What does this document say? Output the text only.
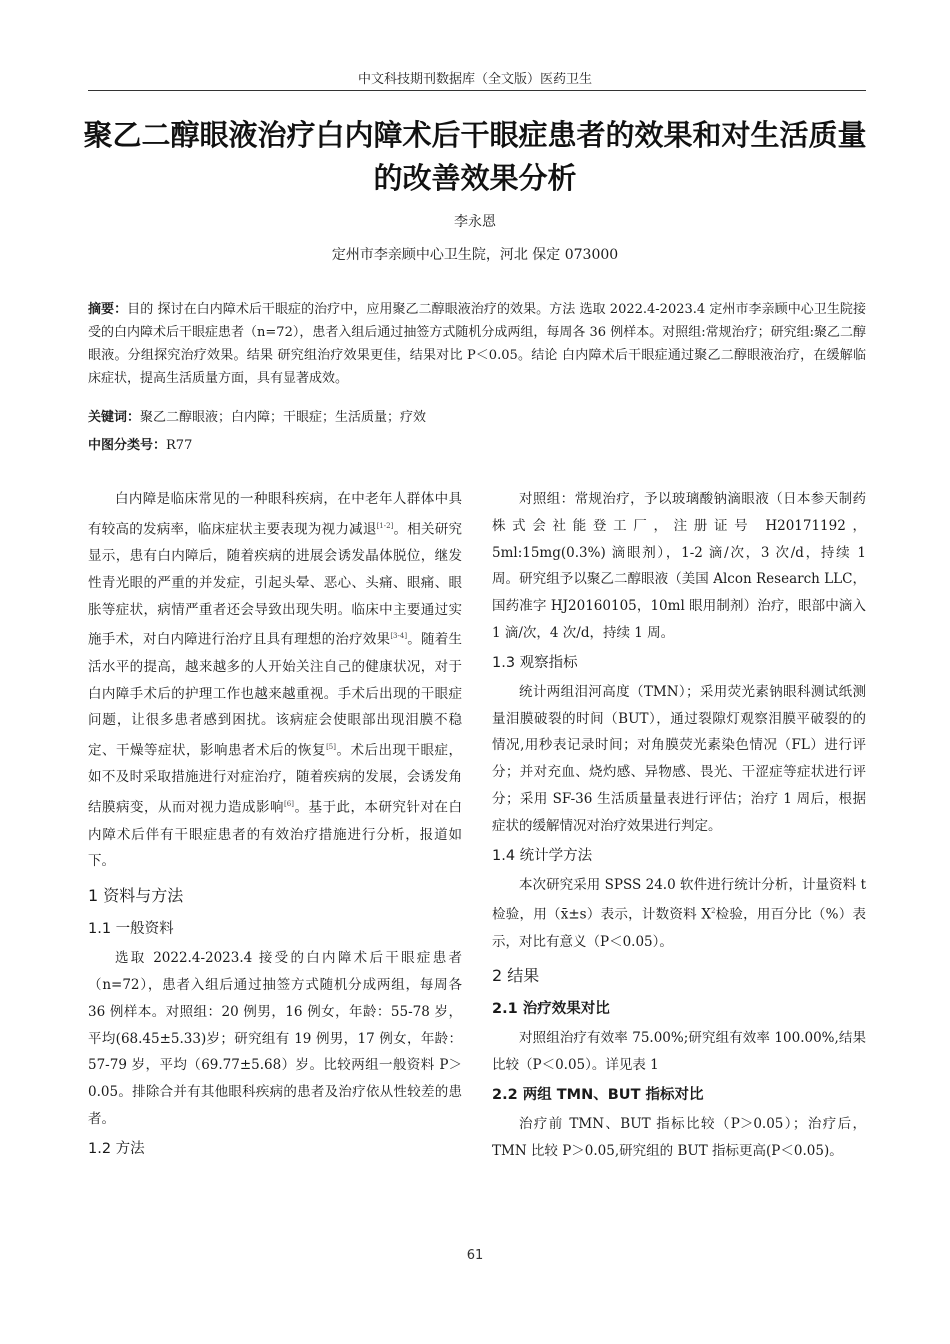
中文科技期刊数据库（全文版）医药卫生
聚乙二醇眼液治疗白内障术后干眼症患者的效果和对生活质量的改善效果分析
李永恩
定州市李亲顾中心卫生院，河北 保定 073000
摘要：目的 探讨在白内障术后干眼症的治疗中，应用聚乙二醇眼液治疗的效果。方法 选取 2022.4-2023.4 定州市李亲顾中心卫生院接受的白内障术后干眼症患者（n=72），患者入组后通过抽签方式随机分成两组，每周各 36 例样本。对照组:常规治疗；研究组:聚乙二醇眼液。分组探究治疗效果。结果 研究组治疗效果更佳，结果对比 P＜0.05。结论 白内障术后干眼症通过聚乙二醇眼液治疗，在缓解临床症状，提高生活质量方面，具有显著成效。
关键词：聚乙二醇眼液；白内障；干眼症；生活质量；疗效
中图分类号：R77

白内障是临床常见的一种眼科疾病，在中老年人群体中具有较高的发病率，临床症状主要表现为视力减退[1-2]。相关研究显示，患有白内障后，随着疾病的进展会诱发晶体脱位，继发性青光眼的严重的并发症，引起头晕、恶心、头痛、眼痛、眼胀等症状，病情严重者还会导致出现失明。临床中主要通过实施手术，对白内障进行治疗且具有理想的治疗效果[3-4]。随着生活水平的提高，越来越多的人开始关注自己的健康状况，对于白内障手术后的护理工作也越来越重视。手术后出现的干眼症问题，让很多患者感到困扰。该病症会使眼部出现泪膜不稳定、干燥等症状，影响患者术后的恢复[5]。术后出现干眼症，如不及时采取措施进行对症治疗，随着疾病的发展，会诱发角结膜病变，从而对视力造成影响[6]。基于此，本研究针对在白内障术后伴有干眼症患者的有效治疗措施进行分析，报道如下。

1 资料与方法
1.1 一般资料

选取 2022.4-2023.4 接受的白内障术后干眼症患者（n=72），患者入组后通过抽签方式随机分成两组，每周各 36 例样本。对照组：20 例男，16 例女，年龄：55-78 岁，平均(68.45±5.33)岁；研究组有 19 例男，17 例女，年龄：57-79 岁，平均（69.77±5.68）岁。比较两组一般资料 P＞0.05。排除合并有其他眼科疾病的患者及治疗依从性较差的患者。

1.2 方法

对照组：常规治疗，予以玻璃酸钠滴眼液（日本参天制药株式会社能登工厂，注册证号 H20171192，5ml:15mg(0.3%) 滴眼剂），1-2 滴/次，3 次/d，持续 1 周。研究组予以聚乙二醇眼液（美国 Alcon Research LLC，国药准字 HJ20160105，10ml 眼用制剂）治疗，眼部中滴入 1 滴/次，4 次/d，持续 1 周。

1.3 观察指标

统计两组泪河高度（TMN）；采用荧光素钠眼科测试纸测量泪膜破裂的时间（BUT），通过裂隙灯观察泪膜平破裂的的情况,用秒表记录时间；对角膜荧光素染色情况（FL）进行评分；并对充血、烧灼感、异物感、畏光、干涩症等症状进行评分；采用 SF-36 生活质量量表进行评估；治疗 1 周后，根据症状的缓解情况对治疗效果进行判定。

1.4 统计学方法

本次研究采用 SPSS 24.0 软件进行统计分析，计量资料 t 检验，用（x̄±s）表示，计数资料 $X^2$检验，用百分比（%）表示，对比有意义（P＜0.05）。

2 结果
2.1 治疗效果对比

对照组治疗有效率 75.00%;研究组有效率 100.00%,结果比较（P＜0.05）。详见表 1

2.2 两组 TMN、BUT 指标对比

治疗前 TMN、BUT 指标比较（P＞0.05）；治疗后，TMN 比较 P＞0.05,研究组的 BUT 指标更高(P＜0.05)。

61
